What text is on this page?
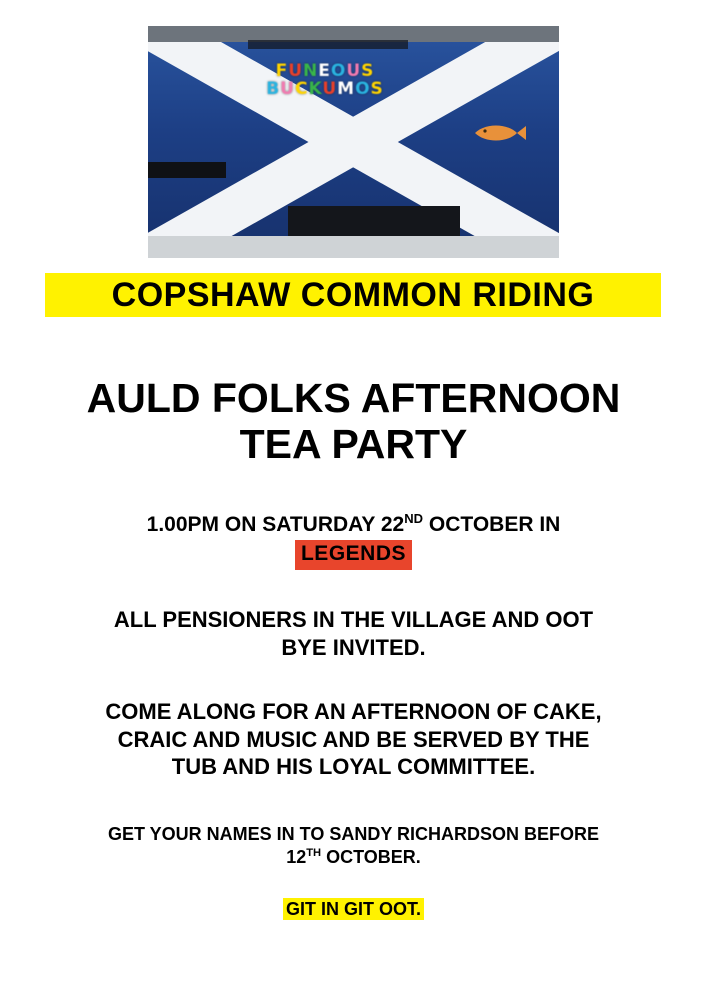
FUNEOUS
BUCKUMOS
COPSHAW COMMON RIDING
AULD FOLKS AFTERNOON
TEA PARTY
1.00PM ON SATURDAY 22ND OCTOBER IN
LEGENDS
ALL PENSIONERS IN THE VILLAGE AND OOT
BYE INVITED.
COME ALONG FOR AN AFTERNOON OF CAKE,
CRAIC AND MUSIC AND BE SERVED BY THE
TUB AND HIS LOYAL COMMITTEE.
GET YOUR NAMES IN TO SANDY RICHARDSON BEFORE
12TH OCTOBER.
GIT IN GIT OOT.
